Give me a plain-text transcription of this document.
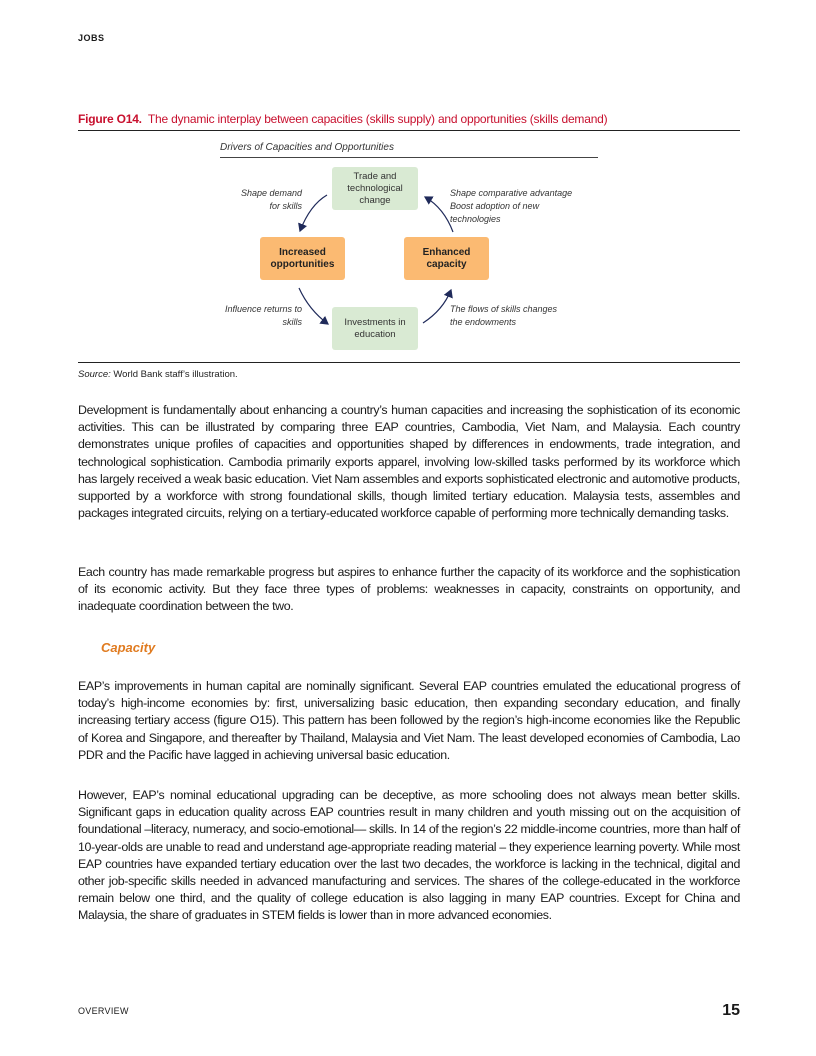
JOBS
Figure O14. The dynamic interplay between capacities (skills supply) and opportunities (skills demand)
Drivers of Capacities and Opportunities
Trade and technological change
Increased opportunities
Enhanced capacity
Investments in education
Shape demand for skills
Shape comparative advantage
Boost adoption of new technologies
Influence returns to skills
The flows of skills changes the endowments
Source: World Bank staff’s illustration.

Development is fundamentally about enhancing a country’s human capacities and increasing the sophistication of its economic activities. This can be illustrated by comparing three EAP countries, Cambodia, Viet Nam, and Malaysia. Each country demonstrates unique profiles of capacities and opportunities shaped by differences in endowments, trade integration, and technological sophistication. Cambodia primarily exports apparel, involving low-skilled tasks performed by its workforce which has largely received a weak basic education. Viet Nam assembles and exports sophisticated electronic and automotive products, supported by a workforce with strong foundational skills, though limited tertiary education. Malaysia tests, assembles and packages integrated circuits, relying on a tertiary-educated workforce capable of performing more technically demanding tasks.

Each country has made remarkable progress but aspires to enhance further the capacity of its workforce and the sophistication of its economic activity. But they face three types of problems: weaknesses in capacity, constraints on opportunity, and inadequate coordination between the two.

Capacity

EAP’s improvements in human capital are nominally significant. Several EAP countries emulated the educational progress of today’s high-income economies by: first, universalizing basic education, then expanding secondary education, and finally increasing tertiary access (figure O15). This pattern has been followed by the region’s high-income economies like the Republic of Korea and Singapore, and thereafter by Thailand, Malaysia and Viet Nam. The least developed economies of Cambodia, Lao PDR and the Pacific have lagged in achieving universal basic education.

However, EAP’s nominal educational upgrading can be deceptive, as more schooling does not always mean better skills. Significant gaps in education quality across EAP countries result in many children and youth missing out on the acquisition of foundational –literacy, numeracy, and socio-emotional— skills. In 14 of the region’s 22 middle-income countries, more than half of 10-year-olds are unable to read and understand age-appropriate reading material – they experience learning poverty. While most EAP countries have expanded tertiary education over the last two decades, the workforce is lacking in the technical, digital and other job-specific skills needed in advanced manufacturing and services. The shares of the college-educated in the workforce remain below one third, and the quality of college education is also lagging in many EAP countries. Except for China and Malaysia, the share of graduates in STEM fields is lower than in more advanced economies.

OVERVIEW	15
